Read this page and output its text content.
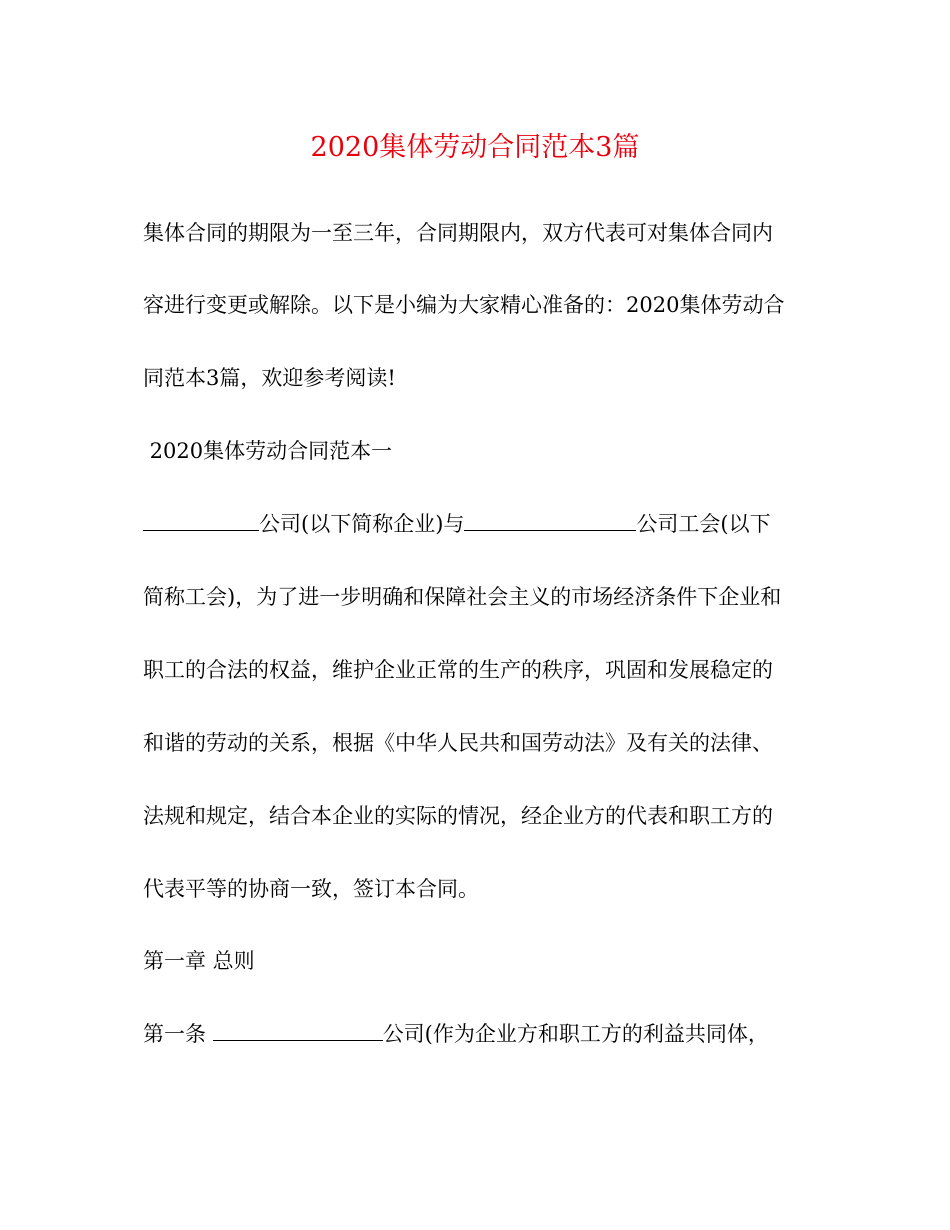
2020集体劳动合同范本3篇
集体合同的期限为一至三年，合同期限内，双方代表可对集体合同内
容进行变更或解除。以下是小编为大家精心准备的：2020集体劳动合
同范本3篇，欢迎参考阅读!
2020集体劳动合同范本一
公司(以下简称企业)与	公司工会(以下
简称工会)，为了进一步明确和保障社会主义的市场经济条件下企业和
职工的合法的权益，维护企业正常的生产的秩序，巩固和发展稳定的
和谐的劳动的关系，根据《中华人民共和国劳动法》及有关的法律、
法规和规定，结合本企业的实际的情况，经企业方的代表和职工方的
代表平等的协商一致，签订本合同。
第一章 总则
第一条	公司(作为企业方和职工方的利益共同体，
